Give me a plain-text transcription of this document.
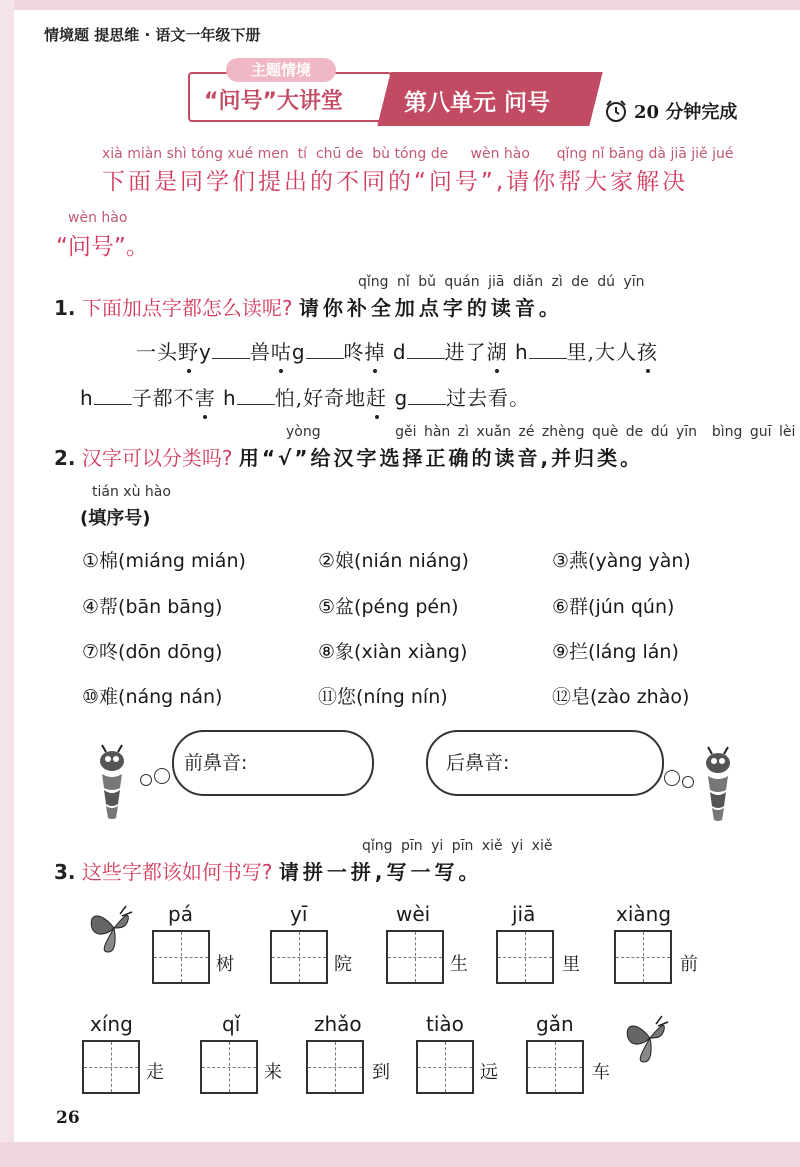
情境题 提思维 · 语文一年级下册
主题情境
“问号”大讲堂	第八单元 问号	20 分钟完成
xià miàn shì tóng xué men tí chū de bù tóng de wèn hào qǐng nǐ bāng dà jiā jiě jué
下面是同学们提出的不同的“问号”,请你帮大家解决
wèn hào
“问号”。
qǐng nǐ bǔ quán jiā diǎn zì de dú yīn
1. 下面加点字都怎么读呢? 请你补全加点字的读音。
一头野y 兽咕g 咚掉 d 进了湖 h 里,大人孩
h 子都不害 h 怕,好奇地赶 g 过去看。
yòng	gěi hàn zì xuǎn zé zhèng què de dú yīn bìng guī lèi
2. 汉字可以分类吗? 用“√”给汉字选择正确的读音,并归类。
tián xù hào
(填序号)
①棉(miáng mián)	②娘(nián niáng)	③燕(yàng yàn)
④帮(bān bāng)	⑤盆(péng pén)	⑥群(jún qún)
⑦咚(dōn dōng)	⑧象(xiàn xiàng)	⑨拦(láng lán)
⑩难(náng nán)	⑪您(níng nín)	⑫皂(zào zhào)
前鼻音:	后鼻音:
qǐng pīn yi pīn xiě yi xiě
3. 这些字都该如何书写? 请拼一拼,写一写。
pá
树
yī
院
wèi
生
jiā
里
xiàng
前
xíng
走
qǐ
来
zhǎo
到
tiào
远
gǎn
车
26
